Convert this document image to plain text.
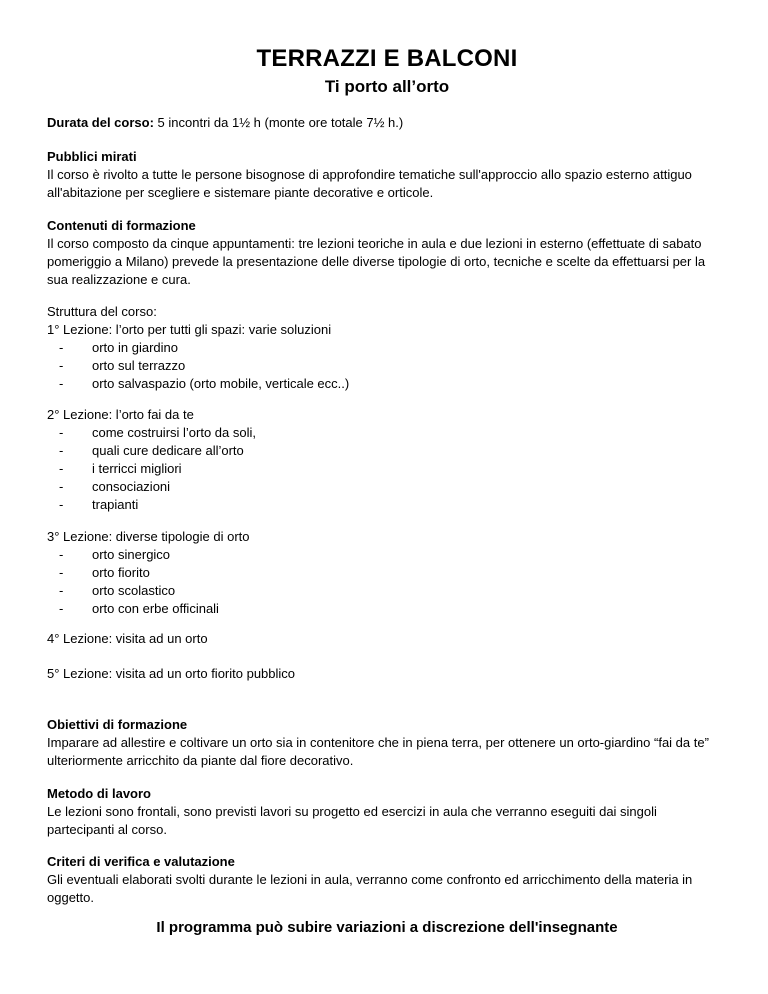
TERRAZZI E BALCONI
Ti porto all’orto
Durata del corso: 5 incontri da 1½ h (monte ore totale 7½ h.)
Pubblici mirati
Il corso è rivolto a tutte le persone bisognose di approfondire tematiche sull'approccio allo spazio esterno attiguo all'abitazione per scegliere e sistemare piante decorative e orticole.
Contenuti di formazione
Il corso composto da cinque appuntamenti: tre lezioni teoriche in aula e due lezioni in esterno (effettuate di sabato pomeriggio a Milano) prevede la presentazione delle diverse tipologie di orto, tecniche e scelte da effettuarsi per la sua realizzazione e cura.
Struttura del corso:
1° Lezione: l’orto per tutti gli spazi: varie soluzioni
- orto in giardino
- orto sul terrazzo
- orto salvaspazio (orto mobile, verticale ecc..)
2° Lezione: l’orto fai da te
- come costruirsi l’orto da soli,
- quali cure dedicare all’orto
- i terricci migliori
- consociazioni
- trapianti
3° Lezione: diverse tipologie di orto
- orto sinergico
- orto fiorito
- orto scolastico
- orto con erbe officinali
4° Lezione: visita ad un orto
5° Lezione: visita ad un orto fiorito pubblico
Obiettivi di formazione
Imparare ad allestire e coltivare un orto sia in contenitore che in piena terra, per ottenere un orto-giardino “fai da te” ulteriormente arricchito da piante dal fiore decorativo.
Metodo di lavoro
Le lezioni sono frontali, sono previsti lavori su progetto ed esercizi in aula che verranno eseguiti dai singoli partecipanti al corso.
Criteri di verifica e valutazione
Gli eventuali elaborati svolti durante le lezioni in aula, verranno come confronto ed arricchimento della materia in oggetto.
Il programma può subire variazioni a discrezione dell'insegnante
